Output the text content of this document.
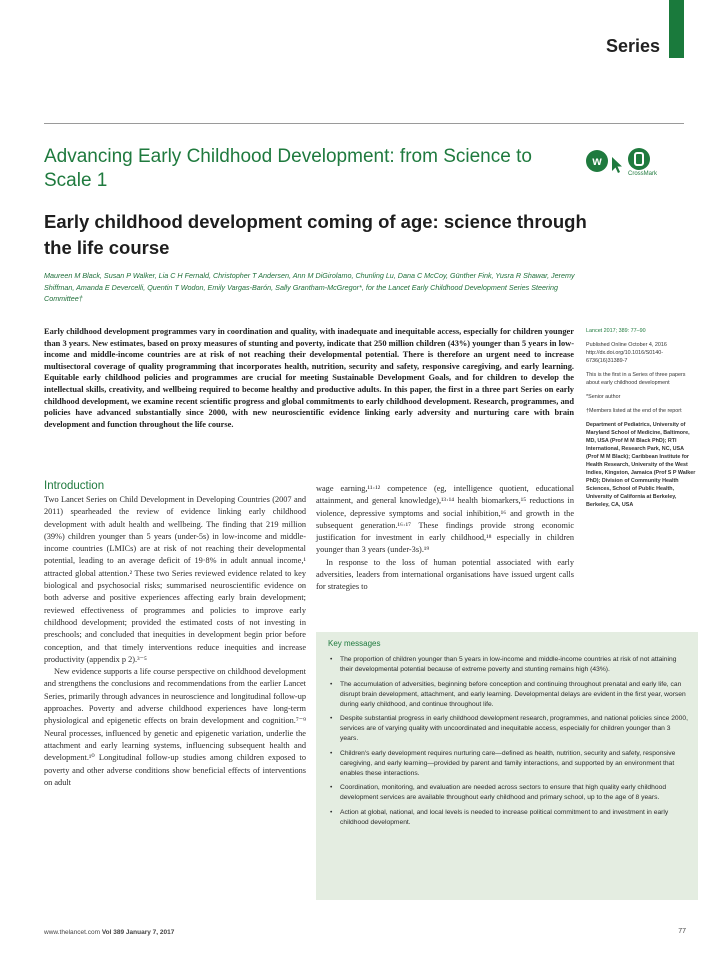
Series
Advancing Early Childhood Development: from Science to Scale 1
w
CrossMark
Early childhood development coming of age: science through the life course
Maureen M Black, Susan P Walker, Lia C H Fernald, Christopher T Andersen, Ann M DiGirolamo, Chunling Lu, Dana C McCoy, Günther Fink, Yusra R Shawar, Jeremy Shiffman, Amanda E Devercelli, Quentin T Wodon, Emily Vargas-Barón, Sally Grantham-McGregor*, for the Lancet Early Childhood Development Series Steering Committee†
Early childhood development programmes vary in coordination and quality, with inadequate and inequitable access, especially for children younger than 3 years. New estimates, based on proxy measures of stunting and poverty, indicate that 250 million children (43%) younger than 5 years in low-income and middle-income countries are at risk of not reaching their developmental potential. There is therefore an urgent need to increase multisectoral coverage of quality programming that incorporates health, nutrition, security and safety, responsive caregiving, and early learning. Equitable early childhood policies and programmes are crucial for meeting Sustainable Development Goals, and for children to develop the intellectual skills, creativity, and wellbeing required to become healthy and productive adults. In this paper, the first in a three part Series on early childhood development, we examine recent scientific progress and global commitments to early childhood development. Research, programmes, and policies have advanced substantially since 2000, with new neuroscientific evidence linking early adversity and nurturing care with brain development and function throughout the life course.
Lancet 2017; 389: 77–90
Published Online October 4, 2016 http://dx.doi.org/10.1016/S0140-6736(16)31389-7
This is the first in a Series of three papers about early childhood development
*Senior author
†Members listed at the end of the report
Department of Pediatrics, University of Maryland School of Medicine, Baltimore, MD, USA (Prof M M Black PhD); RTI International, Research Park, NC, USA (Prof M M Black); Caribbean Institute for Health Research, University of the West Indies, Kingston, Jamaica (Prof S P Walker PhD); Division of Community Health Sciences, School of Public Health, University of California at Berkeley, Berkeley, CA, USA
Introduction

Two Lancet Series on Child Development in Developing Countries (2007 and 2011) spearheaded the review of evidence linking early childhood development with adult health and wellbeing. The finding that 219 million (39%) children younger than 5 years (under-5s) in low-income and middle-income countries (LMICs) are at risk of not reaching their developmental potential, leading to an average deficit of 19·8% in adult annual income,¹ attracted global attention.² These two Series reviewed evidence related to key biological and psychosocial risks; summarised neuroscientific evidence on both adverse and positive experiences affecting early brain development; reviewed effectiveness of programmes and policies to improve early childhood development; provided the estimated costs of not investing in preschools; and concluded that inequities in development begin prior before conception, and that timely interventions reduce inequities and increase productivity (appendix p 2).³⁻⁵

New evidence supports a life course perspective on childhood development and strengthens the conclusions and recommendations from the earlier Lancet Series, primarily through advances in neuroscience and longitudinal follow-up approaches. Poverty and adverse childhood experiences have long-term physiological and epigenetic effects on brain development and cognition.⁷⁻⁹ Neural processes, influenced by genetic and epigenetic variation, underlie the attachment and early learning systems, influencing subsequent health and development.¹⁰ Longitudinal follow-up studies among children exposed to poverty and other adverse conditions show beneficial effects of interventions on adult

wage earning,¹¹·¹² competence (eg, intelligence quotient, educational attainment, and general knowledge),¹³·¹⁴ health biomarkers,¹⁵ reductions in violence, depressive symptoms and social inhibition,¹⁶ and growth in the subsequent generation.¹⁶·¹⁷ These findings provide strong economic justification for investment in early childhood,¹⁸ especially in children younger than 3 years (under-3s).¹⁹

In response to the loss of human potential associated with early adversities, leaders from international organisations have issued urgent calls for strategies to

Key messages
• The proportion of children younger than 5 years in low-income and middle-income countries at risk of not attaining their developmental potential because of extreme poverty and stunting remains high (43%).
• The accumulation of adversities, beginning before conception and continuing throughout prenatal and early life, can disrupt brain development, attachment, and early learning. Developmental delays are evident in the first year, worsen during early childhood, and continue throughout life.
• Despite substantial progress in early childhood development research, programmes, and national policies since 2000, services are of varying quality with uncoordinated and inequitable access, especially for children younger than 3 years.
• Children's early development requires nurturing care—defined as health, nutrition, security and safety, responsive caregiving, and early learning—provided by parent and family interactions, and supported by an environment that enables these interactions.
• Coordination, monitoring, and evaluation are needed across sectors to ensure that high quality early childhood development services are available throughout early childhood and primary school, up to the age of 8 years.
• Action at global, national, and local levels is needed to increase political commitment to and investment in early childhood development.
www.thelancet.com Vol 389 January 7, 2017	77
